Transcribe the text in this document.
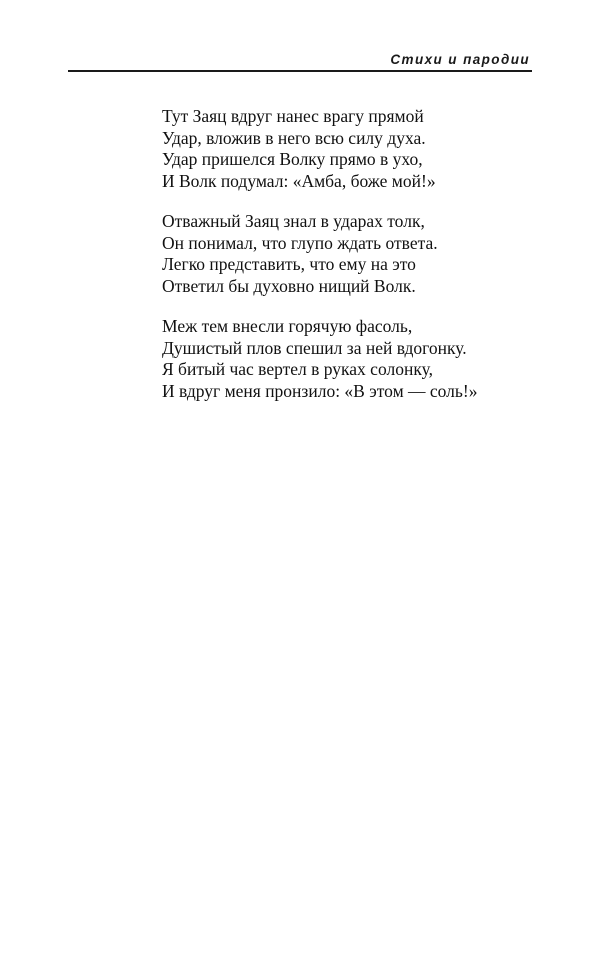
Стихи и пародии
Тут Заяц вдруг нанес врагу прямой
Удар, вложив в него всю силу духа.
Удар пришелся Волку прямо в ухо,
И Волк подумал: «Амба, боже мой!»
Отважный Заяц знал в ударах толк,
Он понимал, что глупо ждать ответа.
Легко представить, что ему на это
Ответил бы духовно нищий Волк.
Меж тем внесли горячую фасоль,
Душистый плов спешил за ней вдогонку.
Я битый час вертел в руках солонку,
И вдруг меня пронзило: «В этом — соль!»
